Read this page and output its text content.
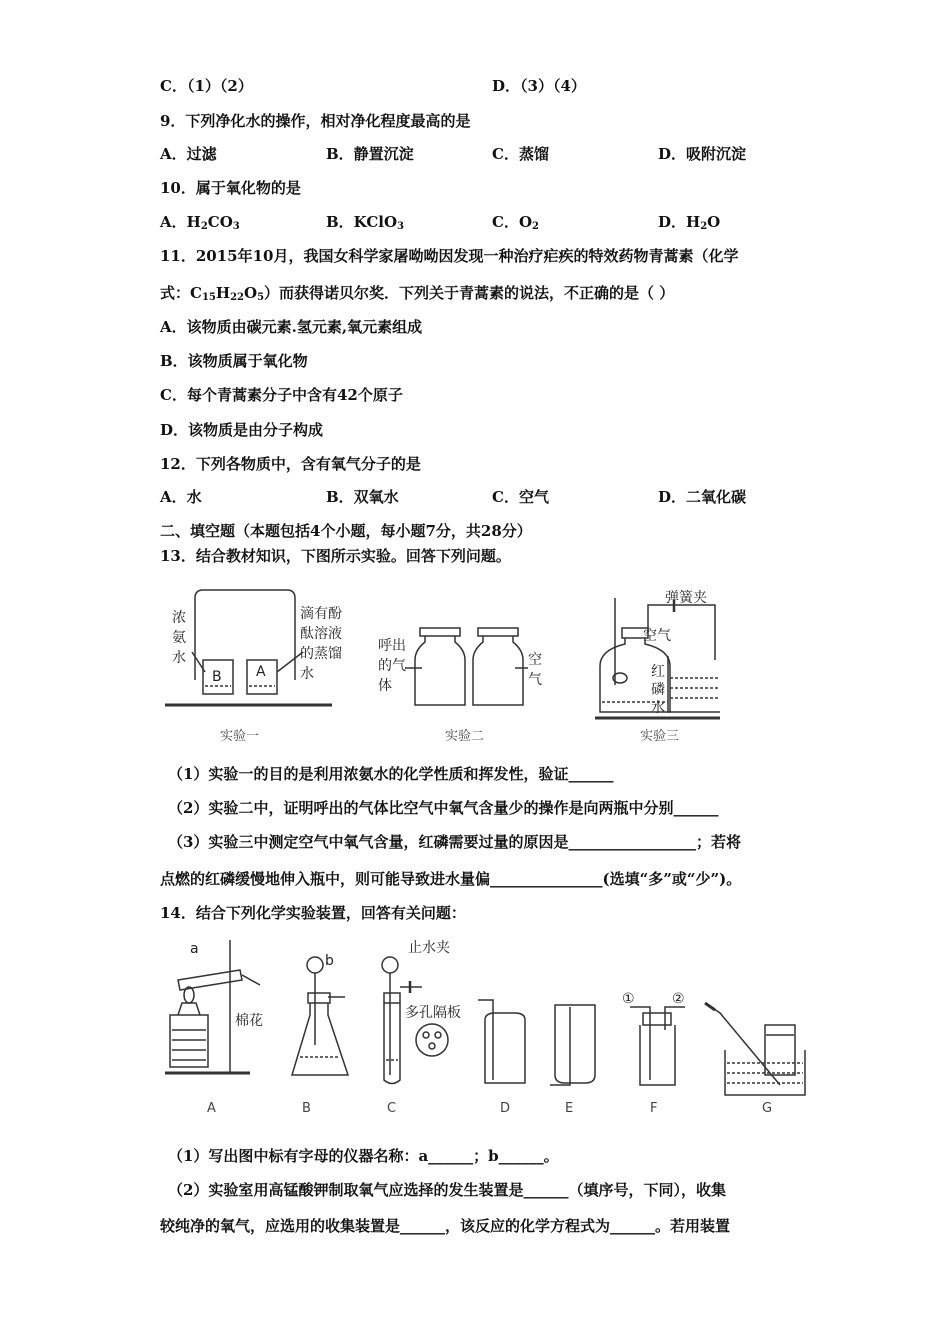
C．（1）（2）	D．（3）（4）
9．下列净化水的操作，相对净化程度最高的是
A．过滤	B．静置沉淀	C．蒸馏	D．吸附沉淀
10．属于氧化物的是
A．$H_2CO_3$	B．KClO$_3$	C．$O_2$	D．$H_2O$
11．2015年10月，我国女科学家屠呦呦因发现一种治疗疟疾的特效药物青蒿素（化学
式：$C_{15}H_{22}O_5$）而获得诺贝尔奖．下列关于青蒿素的说法，不正确的是（ ）
A．该物质由碳元素.氢元素,氧元素组成
B．该物质属于氧化物
C．每个青蒿素分子中含有42个原子
D．该物质是由分子构成
12．下列各物质中，含有氧气分子的是
A．水	B．双氧水	C．空气	D．二氧化碳
二、填空题（本题包括4个小题，每小题7分，共28分）
13．结合教材知识，下图所示实验。回答下列问题。
B A
浓
氨
水
滴有酚
酞溶液
的蒸馏
水
实验一
呼出
的气
体
空
气
实验二
弹簧夹
空气
红
磷
水
实验三
（1）实验一的目的是利用浓氨水的化学性质和挥发性，验证______
（2）实验二中，证明呼出的气体比空气中氧气含量少的操作是向两瓶中分别______
（3）实验三中测定空气中氧气含量，红磷需要过量的原因是_________________；若将
点燃的红磷缓慢地伸入瓶中，则可能导致进水量偏_______________(选填“多”或“少”)。
14．结合下列化学实验装置，回答有关问题：
a
棉花
A
b
B
止水夹
多孔隔板
C	D	E
①	②
F	G
（1）写出图中标有字母的仪器名称：a______；b______。
（2）实验室用高锰酸钾制取氧气应选择的发生装置是______（填序号，下同），收集
较纯净的氧气，应选用的收集装置是______，该反应的化学方程式为______。若用装置
